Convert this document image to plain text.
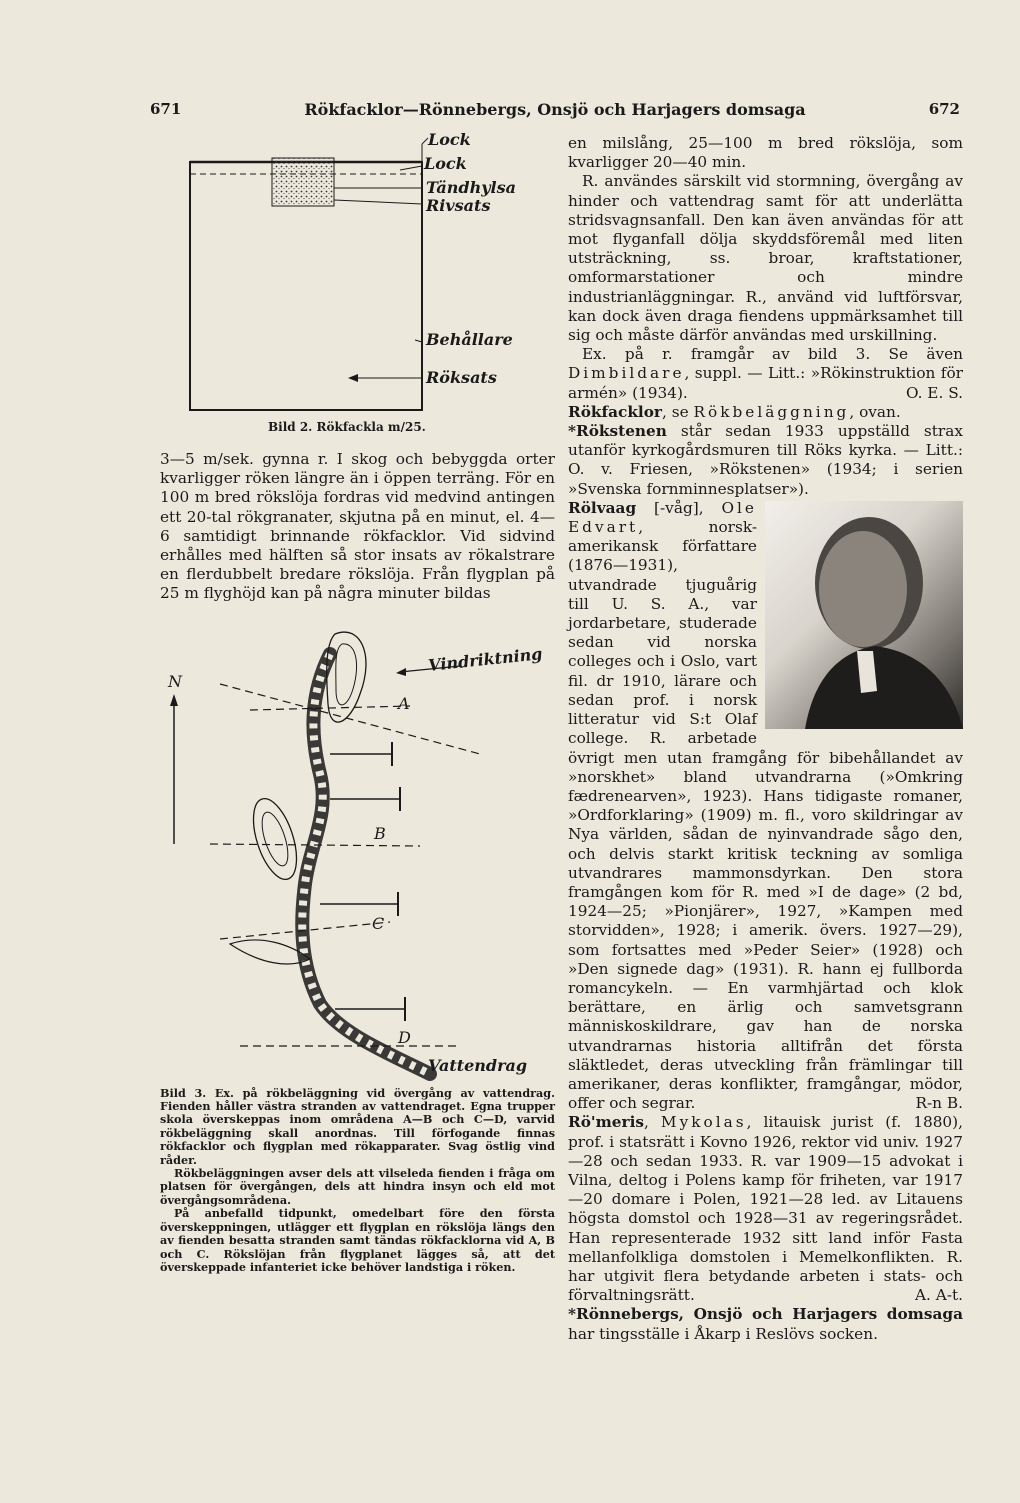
671	Rökfacklor—Rönnebergs, Onsjö och Harjagers domsaga	672
Lock
Lock
Tändhylsa
Rivsats
Behållare
Röksats
Bild 2. Rökfackla m/25.

3—5 m/sek. gynna r. I skog och bebyggda orter kvarligger röken längre än i öppen terräng. För en 100 m bred rökslöja fordras vid medvind antingen ett 20-tal rökgranater, skjutna på en minut, el. 4—6 samtidigt brinnande rökfacklor. Vid sidvind erhålles med hälften så stor insats av rökalstrare en flerdubbelt bredare rökslöja. Från flygplan på 25 m flyghöjd kan på några minuter bildas

Vindriktning
N
A
B
C
D
Vattendrag

Bild 3. Ex. på rökbeläggning vid övergång av vattendrag. Fienden håller västra stranden av vattendraget. Egna trupper skola överskeppas inom områdena A—B och C—D, varvid rökbeläggning skall anordnas. Till förfogande finnas rökfacklor och flygplan med rökapparater. Svag östlig vind råder.

Rökbeläggningen avser dels att vilseleda fienden i fråga om platsen för övergången, dels att hindra insyn och eld mot övergångsområdena.

På anbefalld tidpunkt, omedelbart före den första överskeppningen, utlägger ett flygplan en rökslöja längs den av fienden besatta stranden samt tändas rökfacklorna vid A, B och C. Rökslöjan från flygplanet lägges så, att det överskeppade infanteriet icke behöver landstiga i röken.

en milslång, 25—100 m bred rökslöja, som kvarligger 20—40 min.

R. användes särskilt vid stormning, övergång av hinder och vattendrag samt för att underlätta stridsvagnsanfall. Den kan även användas för att mot flyganfall dölja skyddsföremål med liten utsträckning, ss. broar, kraftstationer, omformarstationer och mindre industrianläggningar. R., använd vid luftförsvar, kan dock även draga fiendens uppmärksamhet till sig och måste därför användas med urskillning.

Ex. på r. framgår av bild 3. Se även Dimbildare, suppl. — Litt.: »Rökinstruktion för armén» (1934).	O. E. S.

Rökfacklor, se Rökbeläggning, ovan.

*Rökstenen står sedan 1933 uppställd strax utanför kyrkogårdsmuren till Röks kyrka. — Litt.: O. v. Friesen, »Rökstenen» (1934; i serien »Svenska fornminnesplatser»).

Rölvaag [-våg], Ole Edvart, norsk-amerikansk författare (1876—1931), utvandrade tjuguårig till U. S. A., var jordarbetare, studerade sedan vid norska colleges och i Oslo, vart fil. dr 1910, lärare och sedan prof. i norsk litteratur vid S:t Olaf college. R. arbetade övrigt men utan framgång för bibehållandet av »norskhet» bland utvandrarna (»Omkring fædrenearven», 1923). Hans tidigaste romaner, »Ordforklaring» (1909) m. fl., voro skildringar av Nya världen, sådan de nyinvandrade sågo den, och delvis starkt kritisk teckning av somliga utvandrares mammonsdyrkan. Den stora framgången kom för R. med »I de dage» (2 bd, 1924—25; »Pionjärer», 1927, »Kampen med storvidden», 1928; i amerik. övers. 1927—29), som fortsattes med »Peder Seier» (1928) och »Den signede dag» (1931). R. hann ej fullborda romancykeln. — En varmhjärtad och klok berättare, en ärlig och samvetsgrann människoskildrare, gav han de norska utvandrarnas historia alltifrån det första släktledet, deras utveckling från främlingar till amerikaner, deras konflikter, framgångar, mödor, offer och segrar.	R-n B.

Rö'meris, Mykolas, litauisk jurist (f. 1880), prof. i statsrätt i Kovno 1926, rektor vid univ. 1927—28 och sedan 1933. R. var 1909—15 advokat i Vilna, deltog i Polens kamp för friheten, var 1917—20 domare i Polen, 1921—28 led. av Litauens högsta domstol och 1928—31 av regeringsrådet. Han representerade 1932 sitt land inför Fasta mellanfolkliga domstolen i Memelkonflikten. R. har utgivit flera betydande arbeten i stats- och förvaltningsrätt.	A. A-t.

*Rönnebergs, Onsjö och Harjagers domsaga har tingsställe i Åkarp i Reslövs socken.
